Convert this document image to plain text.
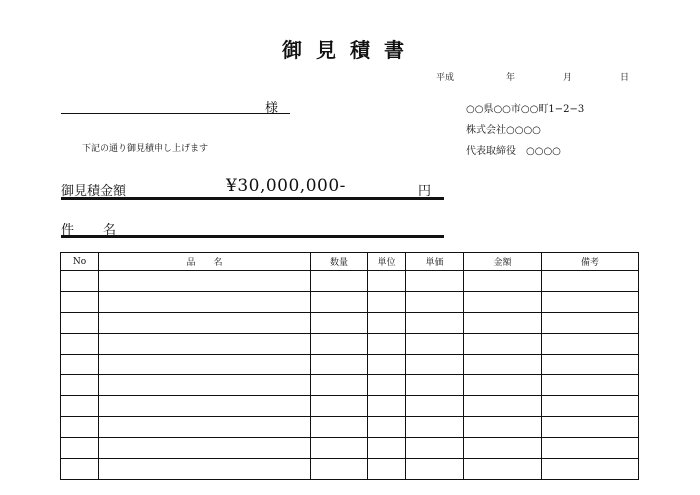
御見積書
平成	年	月	日
様
下記の通り御見積申し上げます
○○県○○市○○町1−2−3
株式会社○○○○
代表取締役　○○○○
御見積金額	¥30,000,000-	円
件　　名
No	品　　名	数量	単位	単価	金額	備考
